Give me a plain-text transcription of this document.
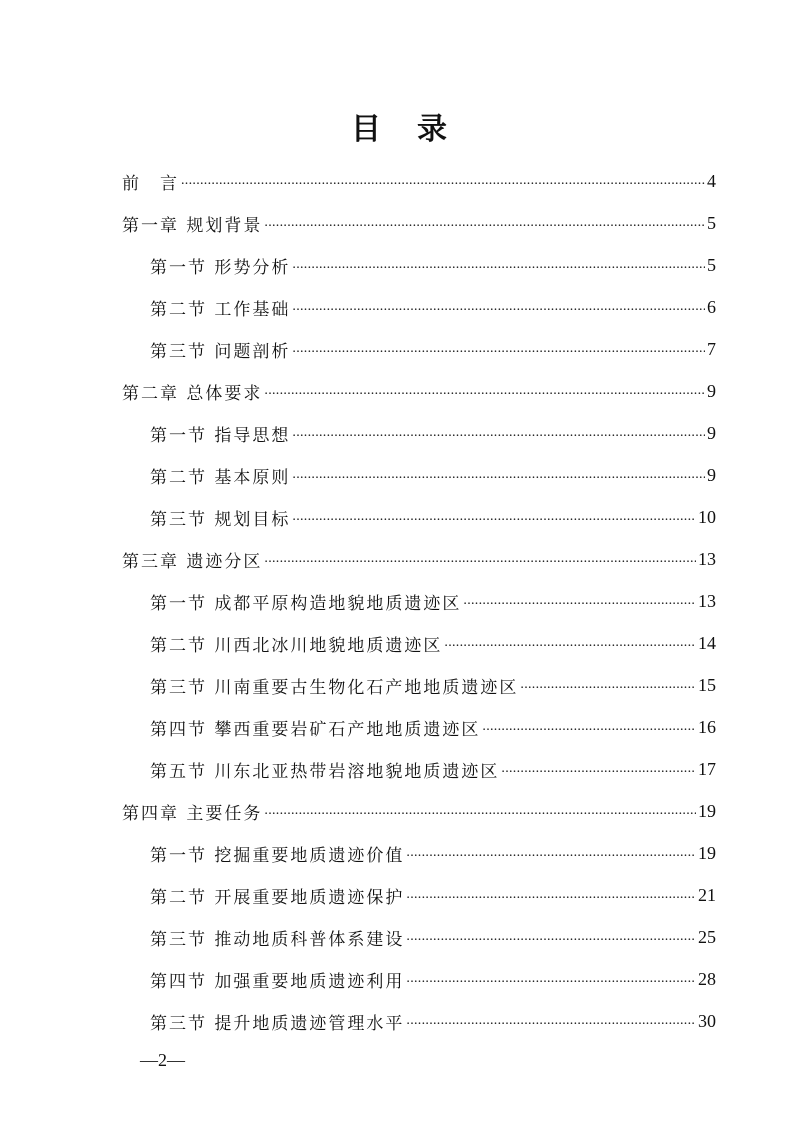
目 录
前　言 .....	4
第一章 规划背景 .....	5
第一节 形势分析 .....	5
第二节 工作基础 .....	6
第三节 问题剖析 .....	7
第二章 总体要求 .....	9
第一节 指导思想 .....	9
第二节 基本原则 .....	9
第三节 规划目标 .....	10
第三章 遗迹分区 .....	13
第一节 成都平原构造地貌地质遗迹区 .....	13
第二节 川西北冰川地貌地质遗迹区 .....	14
第三节 川南重要古生物化石产地地质遗迹区 .....	15
第四节 攀西重要岩矿石产地地质遗迹区 .....	16
第五节 川东北亚热带岩溶地貌地质遗迹区 .....	17
第四章 主要任务 .....	19
第一节 挖掘重要地质遗迹价值 .....	19
第二节 开展重要地质遗迹保护 .....	21
第三节 推动地质科普体系建设 .....	25
第四节 加强重要地质遗迹利用 .....	28
第三节 提升地质遗迹管理水平 .....	30
—2—
